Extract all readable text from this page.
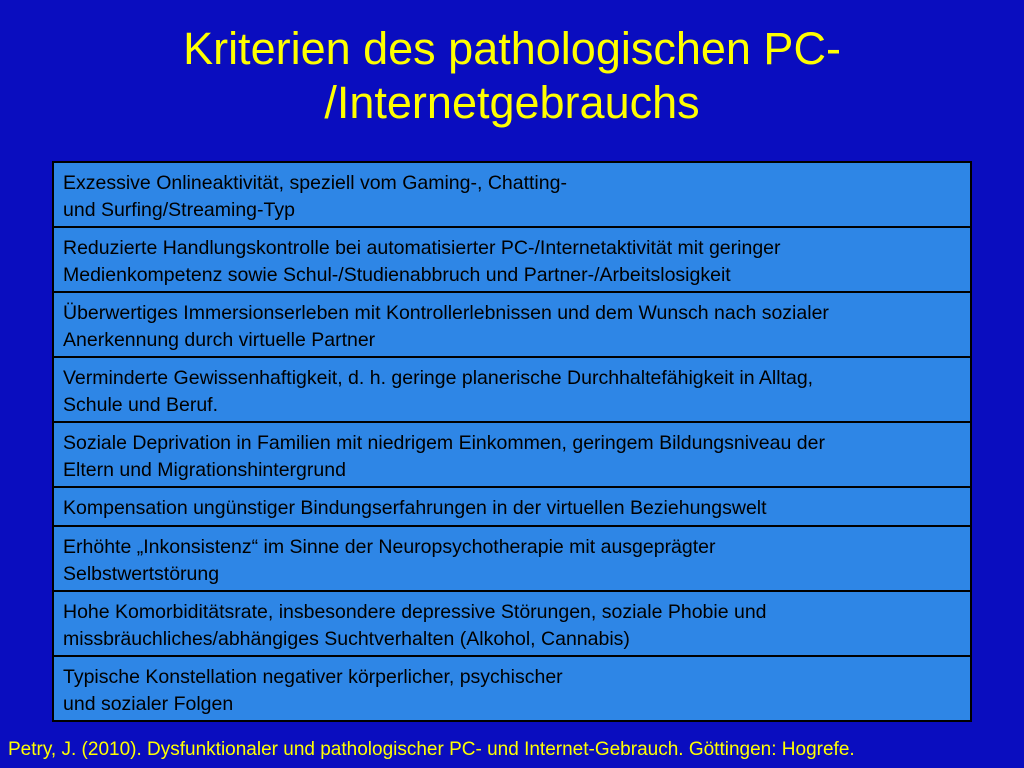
Kriterien des pathologischen PC-
/Internetgebrauchs
Exzessive Onlineaktivität, speziell vom Gaming-, Chatting-
und Surfing/Streaming-Typ
Reduzierte Handlungskontrolle bei automatisierter PC-/Internetaktivität mit geringer
Medienkompetenz sowie Schul-/Studienabbruch und Partner-/Arbeitslosigkeit
Überwertiges Immersionserleben mit Kontrollerlebnissen und dem Wunsch nach sozialer
Anerkennung durch virtuelle Partner
Verminderte Gewissenhaftigkeit, d. h. geringe planerische Durchhaltefähigkeit in Alltag,
Schule und Beruf.
Soziale Deprivation in Familien mit niedrigem Einkommen, geringem Bildungsniveau der
Eltern und Migrationshintergrund
Kompensation ungünstiger Bindungserfahrungen in der virtuellen Beziehungswelt
Erhöhte „Inkonsistenz“ im Sinne der Neuropsychotherapie mit ausgeprägter
Selbstwertstörung
Hohe Komorbiditätsrate, insbesondere depressive Störungen, soziale Phobie und
missbräuchliches/abhängiges Suchtverhalten (Alkohol, Cannabis)
Typische Konstellation negativer körperlicher, psychischer
und sozialer Folgen
Petry, J. (2010). Dysfunktionaler und pathologischer PC- und Internet-Gebrauch. Göttingen: Hogrefe.
